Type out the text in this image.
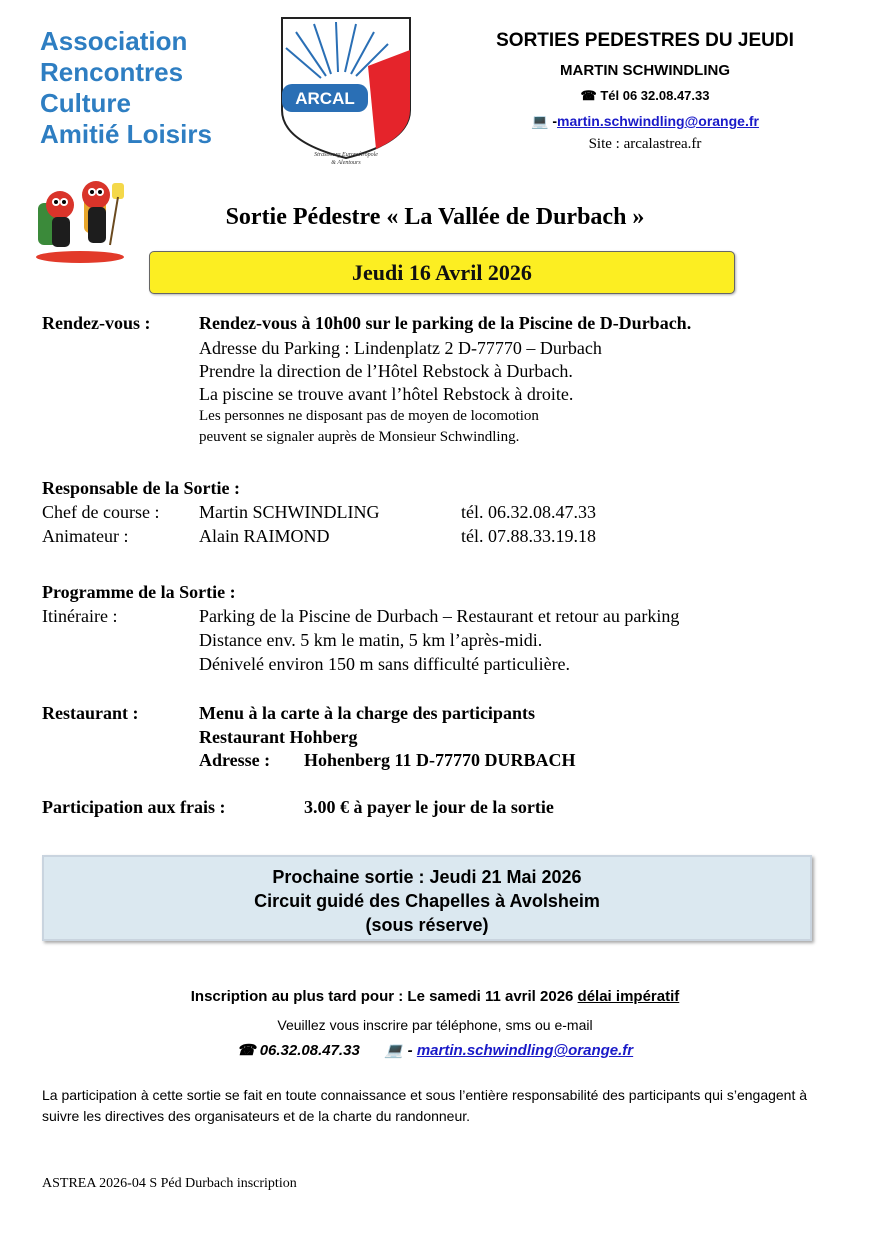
Association
Rencontres
Culture
Amitié Loisirs
ARCAL
Strasbourg Eurométropole
& Alentours
SORTIES PEDESTRES DU JEUDI
MARTIN SCHWINDLING
☎ Tél 06 32.08.47.33
💻 -martin.schwindling@orange.fr
Site : arcalastrea.fr
Sortie Pédestre « La Vallée de Durbach »
Jeudi 16 Avril 2026
Rendez-vous :	Rendez-vous à 10h00 sur le parking de la Piscine de D-Durbach.
Adresse du Parking : Lindenplatz 2 D-77770 – Durbach
Prendre la direction de l’Hôtel Rebstock à Durbach.
La piscine se trouve avant l’hôtel Rebstock à droite.
Les personnes ne disposant pas de moyen de locomotion
peuvent se signaler auprès de Monsieur Schwindling.
Responsable de la Sortie :
Chef de course : Martin SCHWINDLING	tél. 06.32.08.47.33
Animateur :	Alain RAIMOND	tél. 07.88.33.19.18
Programme de la Sortie :
Itinéraire :	Parking de la Piscine de Durbach – Restaurant et retour au parking
Distance env. 5 km le matin, 5 km l’après-midi.
Dénivelé environ 150 m sans difficulté particulière.
Restaurant :	Menu à la carte à la charge des participants
Restaurant Hohberg
Adresse : Hohenberg 11 D-77770 DURBACH
Participation aux frais :	3.00 € à payer le jour de la sortie
Prochaine sortie : Jeudi 21 Mai 2026
Circuit guidé des Chapelles à Avolsheim
(sous réserve)
Inscription au plus tard pour : Le samedi 11 avril 2026 délai impératif
Veuillez vous inscrire par téléphone, sms ou e-mail
☎ 06.32.08.47.33 💻 - martin.schwindling@orange.fr
La participation à cette sortie se fait en toute connaissance et sous l’entière responsabilité des participants qui s’engagent à suivre les directives des organisateurs et de la charte du randonneur.
ASTREA 2026-04 S Péd Durbach inscription
